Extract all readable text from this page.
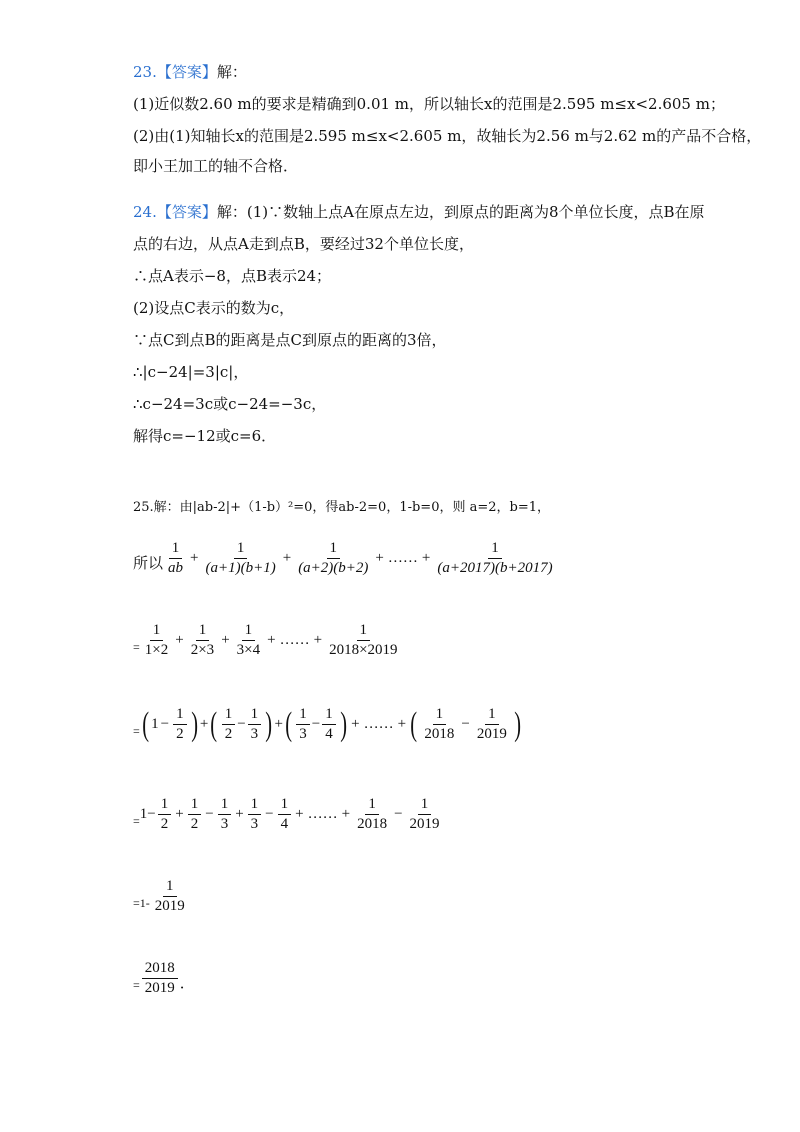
23.【答案】解：
(1)近似数2.60 m的要求是精确到0.01 m，所以轴长x的范围是2.595 m≤x<2.605 m；
(2)由(1)知轴长x的范围是2.595 m≤x<2.605 m，故轴长为2.56 m与2.62 m的产品不合格，
即小王加工的轴不合格．
24.【答案】解：(1)∵数轴上点A在原点左边，到原点的距离为8个单位长度，点B在原
点的右边，从点A走到点B，要经过32个单位长度，
∴点A表示−8，点B表示24；
(2)设点C表示的数为c，
∵点C到点B的距离是点C到原点的距离的3倍，
∴|c−24|=3|c|，
∴c−24=3c或c−24=−3c，
解得c=−12或c=6．
25.解：由|ab-2|+（1-b）²=0，得ab-2=0，1-b=0，则 a=2，b=1，
所以 $\frac{1}{ab} + \frac{1}{(a+1)(b+1)} + \frac{1}{(a+2)(b+2)}$ + …… + $\frac{1}{(a+2017)(b+2017)}$
= $\frac{1}{1\times 2} + \frac{1}{2\times 3} + \frac{1}{3\times 4}$ + …… + $\frac{1}{2018\times 2019}$
= ( $1 - \frac{1}{2}$ ) + ( $\frac{1}{2} - \frac{1}{3}$ ) + ( $\frac{1}{3} - \frac{1}{4}$ ) + …… + ( $\frac{1}{2018} - \frac{1}{2019}$ )
= $1- \frac{1}{2} + \frac{1}{2} - \frac{1}{3} + \frac{1}{3} - \frac{1}{4}$ + …… + $\frac{1}{2018} - \frac{1}{2019}$
= $1- \frac{1}{2019}$
= $\frac{2018}{2019}$ ．
